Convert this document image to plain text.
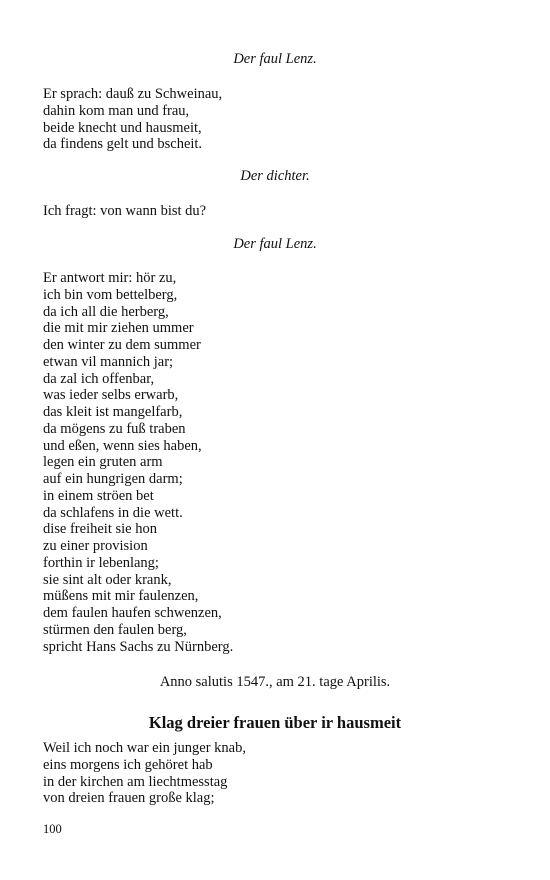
Der faul Lenz.
Er sprach: dauß zu Schweinau,
dahin kom man und frau,
beide knecht und hausmeit,
da findens gelt und bscheit.
Der dichter.
Ich fragt: von wann bist du?
Der faul Lenz.
Er antwort mir: hör zu,
ich bin vom bettelberg,
da ich all die herberg,
die mit mir ziehen ummer
den winter zu dem summer
etwan vil mannich jar;
da zal ich offenbar,
was ieder selbs erwarb,
das kleit ist mangelfarb,
da mögens zu fuß traben
und eßen, wenn sies haben,
legen ein gruten arm
auf ein hungrigen darm;
in einem ströen bet
da schlafens in die wett.
dise freiheit sie hon
zu einer provision
forthin ir lebenlang;
sie sint alt oder krank,
müßens mit mir faulenzen,
dem faulen haufen schwenzen,
stürmen den faulen berg,
spricht Hans Sachs zu Nürnberg.
Anno salutis 1547., am 21. tage Aprilis.
Klag dreier frauen über ir hausmeit
Weil ich noch war ein junger knab,
eins morgens ich gehöret hab
in der kirchen am liechtmesstag
von dreien frauen große klag;
100
